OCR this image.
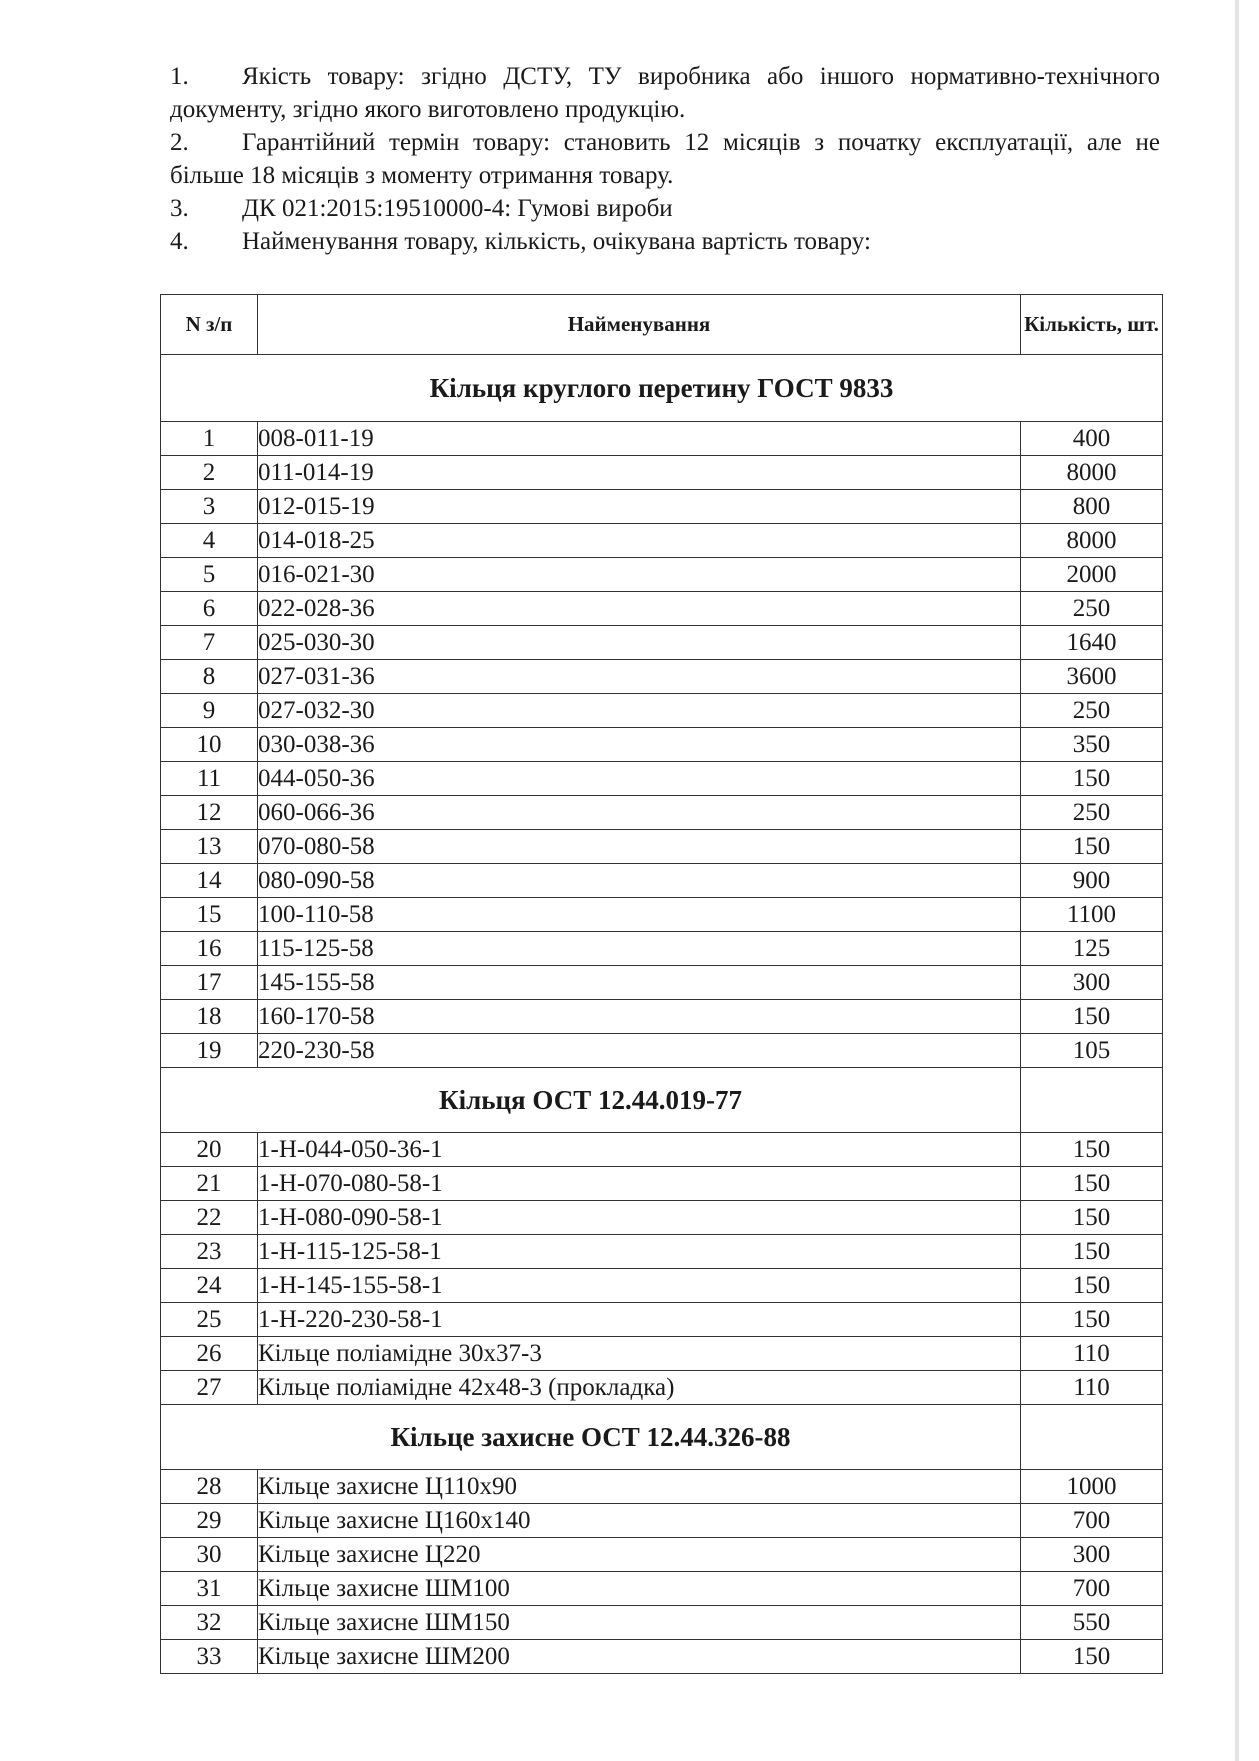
1.	Якість товару: згідно ДСТУ, ТУ виробника або іншого нормативно-технічного документу, згідно якого виготовлено продукцію.
2.	Гарантійний термін товару: становить 12 місяців з початку експлуатації, але не більше 18 місяців з моменту отримання товару.
3.	ДК 021:2015:19510000-4: Гумові вироби
4.	Найменування товару, кількість, очікувана вартість товару:
N з/п	Найменування	Кількість, шт.
Кільця круглого перетину ГОСТ 9833		
1	008-011-19	400
2	011-014-19	8000
3	012-015-19	800
4	014-018-25	8000
5	016-021-30	2000
6	022-028-36	250
7	025-030-30	1640
8	027-031-36	3600
9	027-032-30	250
10	030-038-36	350
11	044-050-36	150
12	060-066-36	250
13	070-080-58	150
14	080-090-58	900
15	100-110-58	1100
16	115-125-58	125
17	145-155-58	300
18	160-170-58	150
19	220-230-58	105
Кільця ОСТ 12.44.019-77		
20	1-Н-044-050-36-1	150
21	1-Н-070-080-58-1	150
22	1-Н-080-090-58-1	150
23	1-Н-115-125-58-1	150
24	1-Н-145-155-58-1	150
25	1-Н-220-230-58-1	150
26	Кільце поліамідне 30х37-3	110
27	Кільце поліамідне 42х48-3 (прокладка)	110
Кільце захисне ОСТ 12.44.326-88		
28	Кільце захисне Ц110х90	1000
29	Кільце захисне Ц160х140	700
30	Кільце захисне Ц220	300
31	Кільце захисне ШМ100	700
32	Кільце захисне ШМ150	550
33	Кільце захисне ШМ200	150
